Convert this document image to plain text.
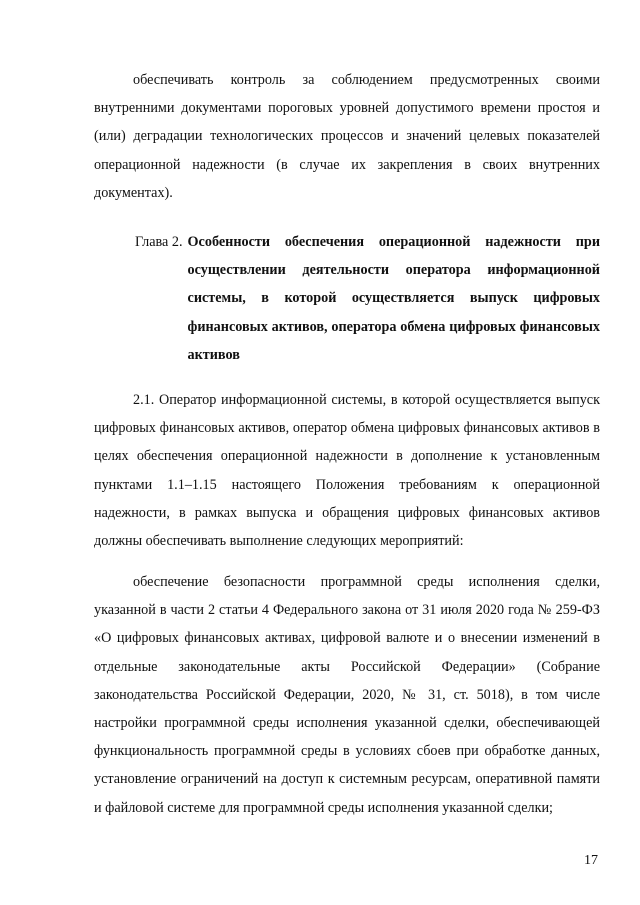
обеспечивать контроль за соблюдением предусмотренных своими внутренними документами пороговых уровней допустимого времени простоя и (или) деградации технологических процессов и значений целевых показателей операционной надежности (в случае их закрепления в своих внутренних документах).

Глава 2. Особенности обеспечения операционной надежности при осуществлении деятельности оператора информационной системы, в которой осуществляется выпуск цифровых финансовых активов, оператора обмена цифровых финансовых активов

2.1. Оператор информационной системы, в которой осуществляется выпуск цифровых финансовых активов, оператор обмена цифровых финансовых активов в целях обеспечения операционной надежности в дополнение к установленным пунктами 1.1–1.15 настоящего Положения требованиям к операционной надежности, в рамках выпуска и обращения цифровых финансовых активов должны обеспечивать выполнение следующих мероприятий:

обеспечение безопасности программной среды исполнения сделки, указанной в части 2 статьи 4 Федерального закона от 31 июля 2020 года № 259-ФЗ «О цифровых финансовых активах, цифровой валюте и о внесении изменений в отдельные законодательные акты Российской Федерации» (Собрание законодательства Российской Федерации, 2020, № 31, ст. 5018), в том числе настройки программной среды исполнения указанной сделки, обеспечивающей функциональность программной среды в условиях сбоев при обработке данных, установление ограничений на доступ к системным ресурсам, оперативной памяти и файловой системе для программной среды исполнения указанной сделки;

17
